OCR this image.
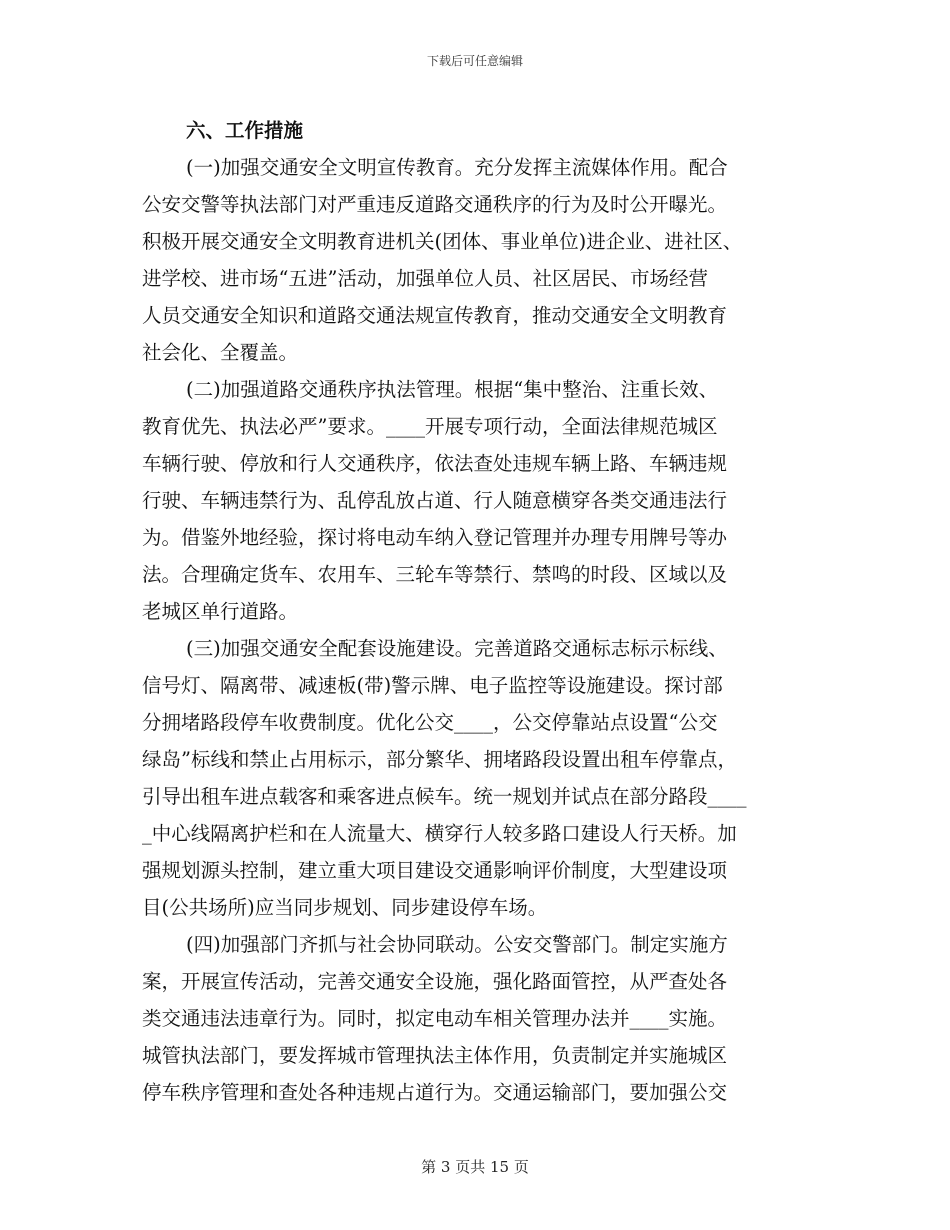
下载后可任意编辑
六、工作措施
(一)加强交通安全文明宣传教育。充分发挥主流媒体作用。配合
公安交警等执法部门对严重违反道路交通秩序的行为及时公开曝光。
积极开展交通安全文明教育进机关(团体、事业单位)进企业、进社区、
进学校、进市场“五进”活动，加强单位人员、社区居民、市场经营
人员交通安全知识和道路交通法规宣传教育，推动交通安全文明教育
社会化、全覆盖。
(二)加强道路交通秩序执法管理。根据“集中整治、注重长效、
教育优先、执法必严”要求。____开展专项行动，全面法律规范城区
车辆行驶、停放和行人交通秩序，依法查处违规车辆上路、车辆违规
行驶、车辆违禁行为、乱停乱放占道、行人随意横穿各类交通违法行
为。借鉴外地经验，探讨将电动车纳入登记管理并办理专用牌号等办
法。合理确定货车、农用车、三轮车等禁行、禁鸣的时段、区域以及
老城区单行道路。
(三)加强交通安全配套设施建设。完善道路交通标志标示标线、
信号灯、隔离带、减速板(带)警示牌、电子监控等设施建设。探讨部
分拥堵路段停车收费制度。优化公交____，公交停靠站点设置“公交
绿岛”标线和禁止占用标示，部分繁华、拥堵路段设置出租车停靠点，
引导出租车进点载客和乘客进点候车。统一规划并试点在部分路段____
_中心线隔离护栏和在人流量大、横穿行人较多路口建设人行天桥。加
强规划源头控制，建立重大项目建设交通影响评价制度，大型建设项
目(公共场所)应当同步规划、同步建设停车场。
(四)加强部门齐抓与社会协同联动。公安交警部门。制定实施方
案，开展宣传活动，完善交通安全设施，强化路面管控，从严查处各
类交通违法违章行为。同时，拟定电动车相关管理办法并____实施。
城管执法部门，要发挥城市管理执法主体作用，负责制定并实施城区
停车秩序管理和查处各种违规占道行为。交通运输部门，要加强公交
第 3 页共 15 页
